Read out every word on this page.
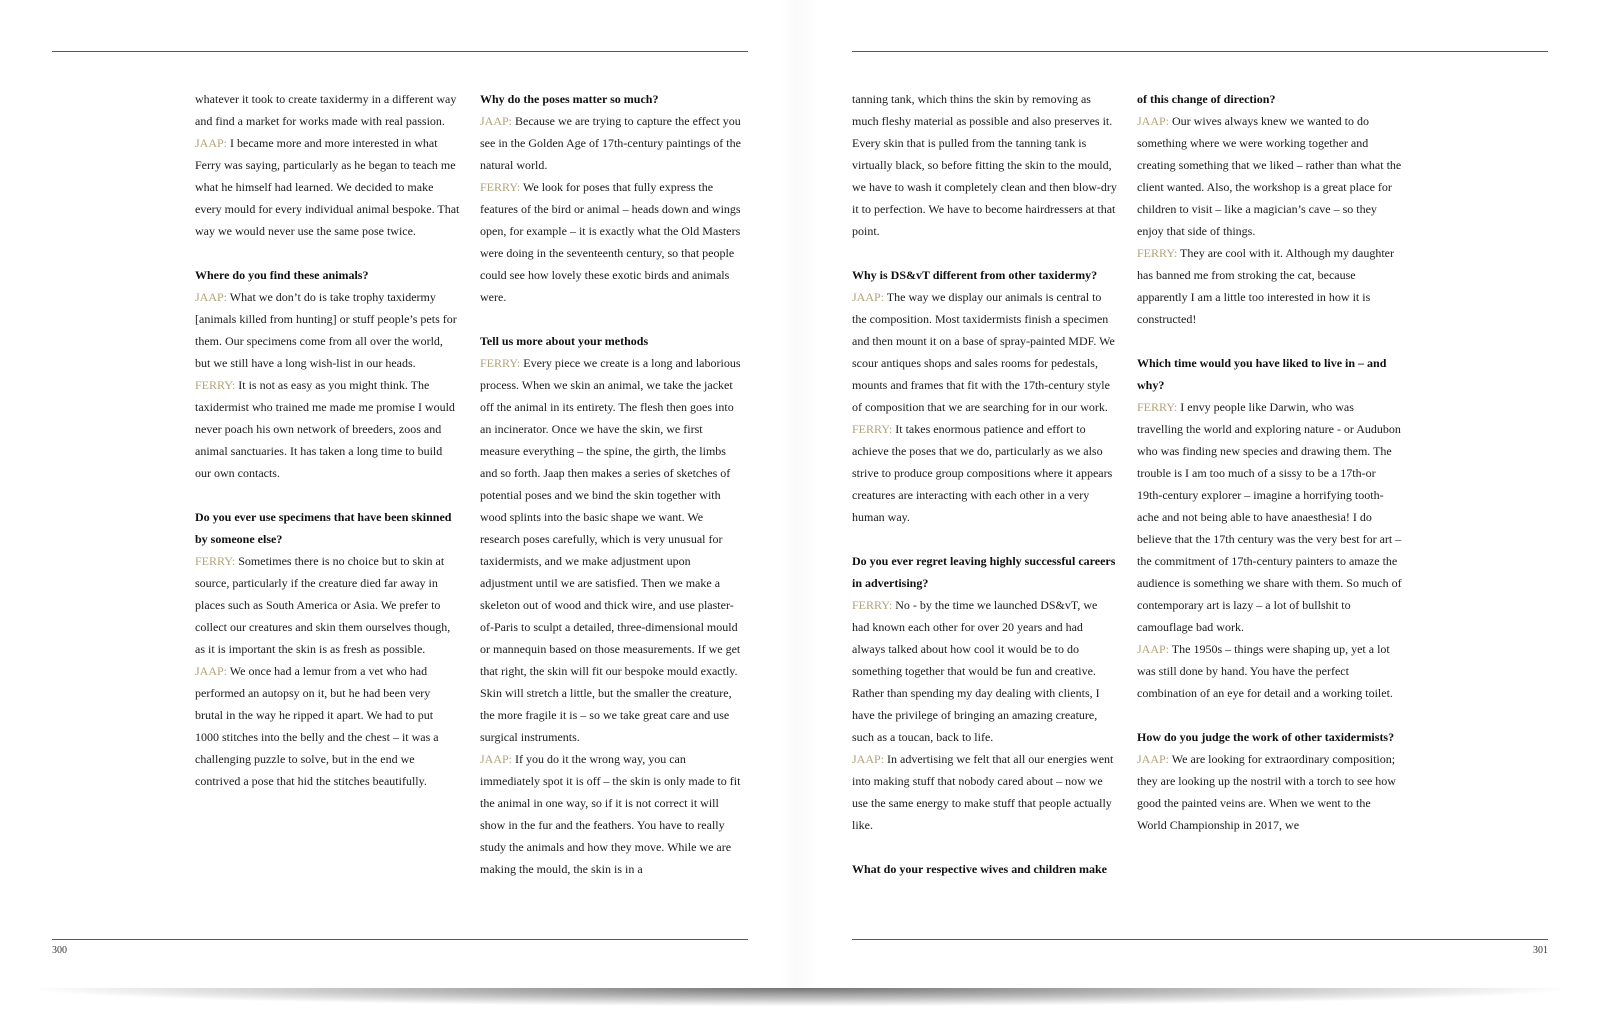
300	301

whatever it took to create taxidermy in a different way and find a market for works made with real passion.

JAAP: I became more and more interested in what Ferry was saying, particularly as he began to teach me what he himself had learned. We decided to make every mould for every individual animal bespoke. That way we would never use the same pose twice.

Where do you find these animals?

JAAP: What we don’t do is take trophy taxidermy [animals killed from hunting] or stuff people’s pets for them. Our specimens come from all over the world, but we still have a long wish-list in our heads.

FERRY: It is not as easy as you might think. The taxidermist who trained me made me promise I would never poach his own network of breeders, zoos and animal sanctuaries. It has taken a long time to build our own contacts.

Do you ever use specimens that have been skinned by someone else?

FERRY: Sometimes there is no choice but to skin at source, particularly if the creature died far away in places such as South America or Asia. We prefer to collect our creatures and skin them ourselves though, as it is important the skin is as fresh as possible.

JAAP: We once had a lemur from a vet who had performed an autopsy on it, but he had been very brutal in the way he ripped it apart. We had to put 1000 stitches into the belly and the chest – it was a challenging puzzle to solve, but in the end we contrived a pose that hid the stitches beautifully.

Why do the poses matter so much?

JAAP: Because we are trying to capture the effect you see in the Golden Age of 17th-century paintings of the natural world.

FERRY: We look for poses that fully express the features of the bird or animal – heads down and wings open, for example – it is exactly what the Old Masters were doing in the seventeenth century, so that people could see how lovely these exotic birds and animals were.

Tell us more about your methods

FERRY: Every piece we create is a long and laborious process. When we skin an animal, we take the jacket off the animal in its entirety. The flesh then goes into an incinerator. Once we have the skin, we first measure everything – the spine, the girth, the limbs and so forth. Jaap then makes a series of sketches of potential poses and we bind the skin together with wood splints into the basic shape we want. We research poses carefully, which is very unusual for taxidermists, and we make adjustment upon adjustment until we are satisfied. Then we make a skeleton out of wood and thick wire, and use plaster-of-Paris to sculpt a detailed, three-dimensional mould or mannequin based on those measurements. If we get that right, the skin will fit our bespoke mould exactly. Skin will stretch a little, but the smaller the creature, the more fragile it is – so we take great care and use surgical instruments.

JAAP: If you do it the wrong way, you can immediately spot it is off – the skin is only made to fit the animal in one way, so if it is not correct it will show in the fur and the feathers. You have to really study the animals and how they move. While we are making the mould, the skin is in a

tanning tank, which thins the skin by removing as much fleshy material as possible and also preserves it. Every skin that is pulled from the tanning tank is virtually black, so before fitting the skin to the mould, we have to wash it completely clean and then blow-dry it to perfection. We have to become hairdressers at that point.

Why is DS&vT different from other taxidermy?

JAAP: The way we display our animals is central to the composition. Most taxidermists finish a specimen and then mount it on a base of spray-painted MDF. We scour antiques shops and sales rooms for pedestals, mounts and frames that fit with the 17th-century style of composition that we are searching for in our work.

FERRY: It takes enormous patience and effort to achieve the poses that we do, particularly as we also strive to produce group compositions where it appears creatures are interacting with each other in a very human way.

Do you ever regret leaving highly successful careers in advertising?

FERRY: No - by the time we launched DS&vT, we had known each other for over 20 years and had always talked about how cool it would be to do something together that would be fun and creative. Rather than spending my day dealing with clients, I have the privilege of bringing an amazing creature, such as a toucan, back to life.

JAAP: In advertising we felt that all our energies went into making stuff that nobody cared about – now we use the same energy to make stuff that people actually like.

What do your respective wives and children make

of this change of direction?

JAAP: Our wives always knew we wanted to do something where we were working together and creating something that we liked – rather than what the client wanted. Also, the workshop is a great place for children to visit – like a magician’s cave – so they enjoy that side of things.

FERRY: They are cool with it. Although my daughter has banned me from stroking the cat, because apparently I am a little too interested in how it is constructed!

Which time would you have liked to live in – and why?

FERRY: I envy people like Darwin, who was travelling the world and exploring nature - or Audubon who was finding new species and drawing them. The trouble is I am too much of a sissy to be a 17th-or 19th-century explorer – imagine a horrifying tooth-ache and not being able to have anaesthesia! I do believe that the 17th century was the very best for art – the commitment of 17th-century painters to amaze the audience is something we share with them. So much of contemporary art is lazy – a lot of bullshit to camouflage bad work.

JAAP: The 1950s – things were shaping up, yet a lot was still done by hand. You have the perfect combination of an eye for detail and a working toilet.

How do you judge the work of other taxidermists?

JAAP: We are looking for extraordinary composition; they are looking up the nostril with a torch to see how good the painted veins are. When we went to the World Championship in 2017, we
